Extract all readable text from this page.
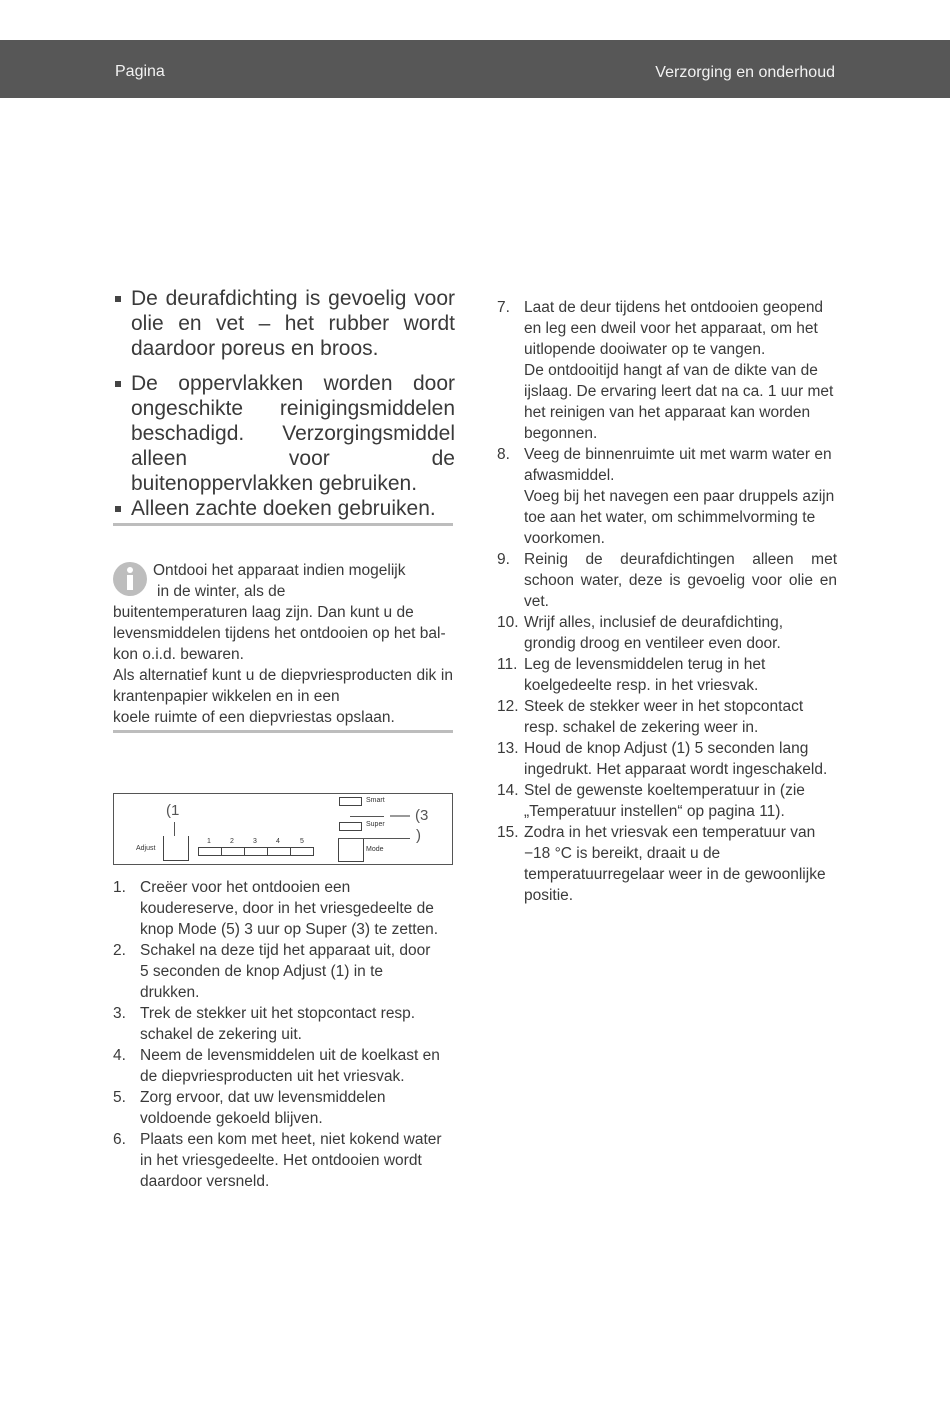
Pagina	Verzorging en onderhoud
De deurafdichting is gevoelig voor olie en vet – het rubber wordt daardoor poreus en broos.
De oppervlakken worden door ongeschikte reinigingsmiddelen beschadigd. Verzorgingsmiddel alleen voor de
buitenoppervlakken gebruiken.
Alleen zachte doeken gebruiken.
Ontdooi het apparaat indien mogelijk
in de winter, als de
buitentemperaturen laag zijn. Dan kunt u de levensmiddelen tijdens het ontdooien op het bal-
kon o.i.d. bewaren.
Als alternatief kunt u de diepvriesproducten dik in krantenpapier wikkelen en in een
koele ruimte of een diepvriestas opslaan.
(1
Adjust
1	2	3	4	5
Smart
Super
(3
)
Mode
1. Creëer voor het ontdooien een koudereserve, door in het vriesgedeelte de knop Mode (5) 3 uur op Super (3) te zetten.
2. Schakel na deze tijd het apparaat uit, door 5 seconden de knop Adjust (1) in te drukken.
3. Trek de stekker uit het stopcontact resp. schakel de zekering uit.
4. Neem de levensmiddelen uit de koelkast en de diepvriesproducten uit het vriesvak.
5. Zorg ervoor, dat uw levensmiddelen voldoende gekoeld blijven.
6. Plaats een kom met heet, niet kokend water in het vriesgedeelte. Het ontdooien wordt daardoor versneld.
7. Laat de deur tijdens het ontdooien geopend en leg een dweil voor het apparaat, om het uitlopende dooiwater op te vangen.
De ontdooitijd hangt af van de dikte van de ijslaag. De ervaring leert dat na ca. 1 uur met het reinigen van het apparaat kan worden begonnen.
8. Veeg de binnenruimte uit met warm water en afwasmiddel.
Voeg bij het navegen een paar druppels azijn toe aan het water, om schimmelvorming te voorkomen.
9. Reinig de deurafdichtingen alleen met schoon water, deze is gevoelig voor olie en vet.
10. Wrijf alles, inclusief de deurafdichting, grondig droog en ventileer even door.
11. Leg de levensmiddelen terug in het koelgedeelte resp. in het vriesvak.
12. Steek de stekker weer in het stopcontact resp. schakel de zekering weer in.
13. Houd de knop Adjust (1) 5 seconden lang ingedrukt. Het apparaat wordt ingeschakeld.
14. Stel de gewenste koeltemperatuur in (zie „Temperatuur instellen“ op pagina 11).
15. Zodra in het vriesvak een temperatuur van −18 °C is bereikt, draait u de temperatuurregelaar weer in de gewoonlijke positie.
